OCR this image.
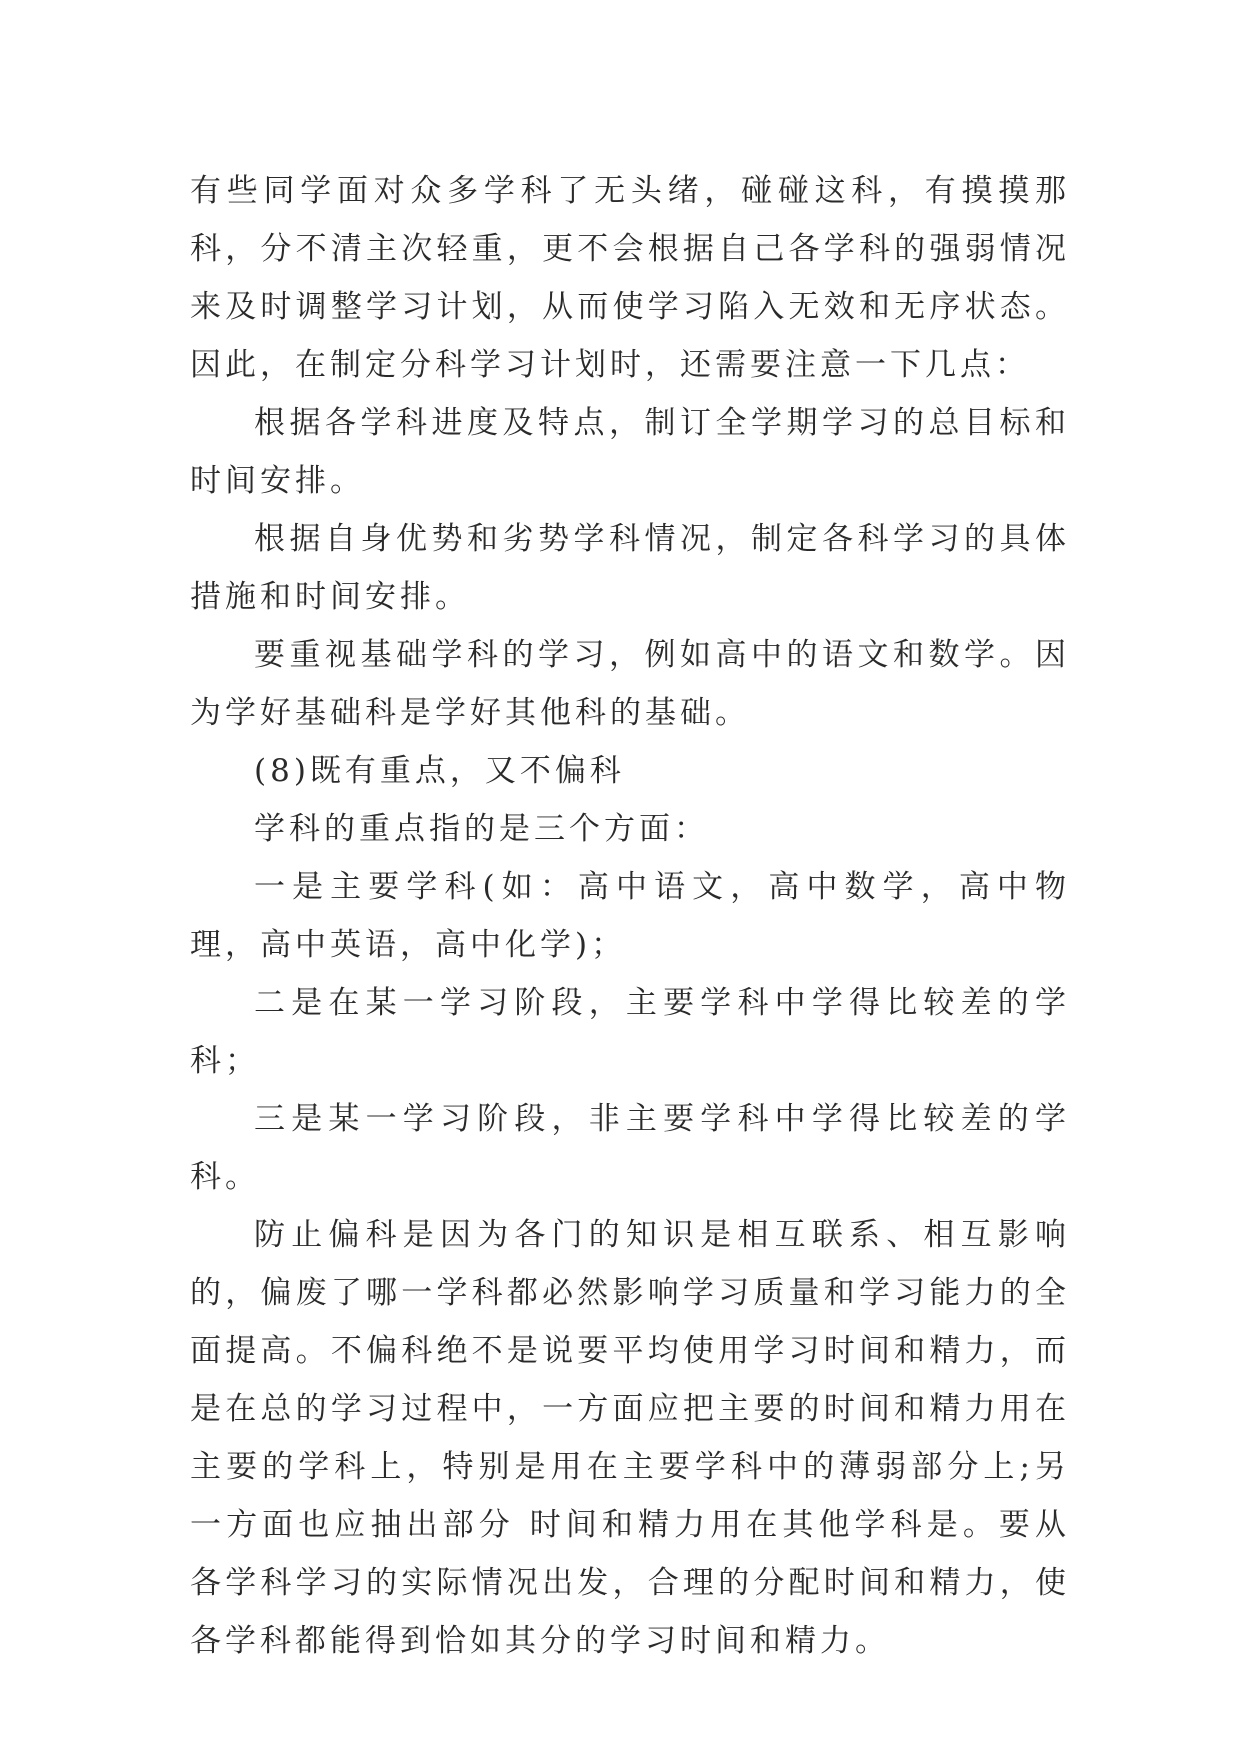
有些同学面对众多学科了无头绪，碰碰这科，有摸摸那科，分不清主次轻重，更不会根据自己各学科的强弱情况来及时调整学习计划，从而使学习陷入无效和无序状态。因此，在制定分科学习计划时，还需要注意一下几点：

根据各学科进度及特点，制订全学期学习的总目标和时间安排。

根据自身优势和劣势学科情况，制定各科学习的具体措施和时间安排。

要重视基础学科的学习，例如高中的语文和数学。因为学好基础科是学好其他科的基础。

(8)既有重点，又不偏科

学科的重点指的是三个方面：

一是主要学科(如：高中语文，高中数学，高中物理，高中英语，高中化学)；

二是在某一学习阶段，主要学科中学得比较差的学科；

三是某一学习阶段，非主要学科中学得比较差的学科。

防止偏科是因为各门的知识是相互联系、相互影响的，偏废了哪一学科都必然影响学习质量和学习能力的全面提高。不偏科绝不是说要平均使用学习时间和精力，而是在总的学习过程中，一方面应把主要的时间和精力用在主要的学科上，特别是用在主要学科中的薄弱部分上;另一方面也应抽出部分 时间和精力用在其他学科是。要从各学科学习的实际情况出发，合理的分配时间和精力，使各学科都能得到恰如其分的学习时间和精力。
